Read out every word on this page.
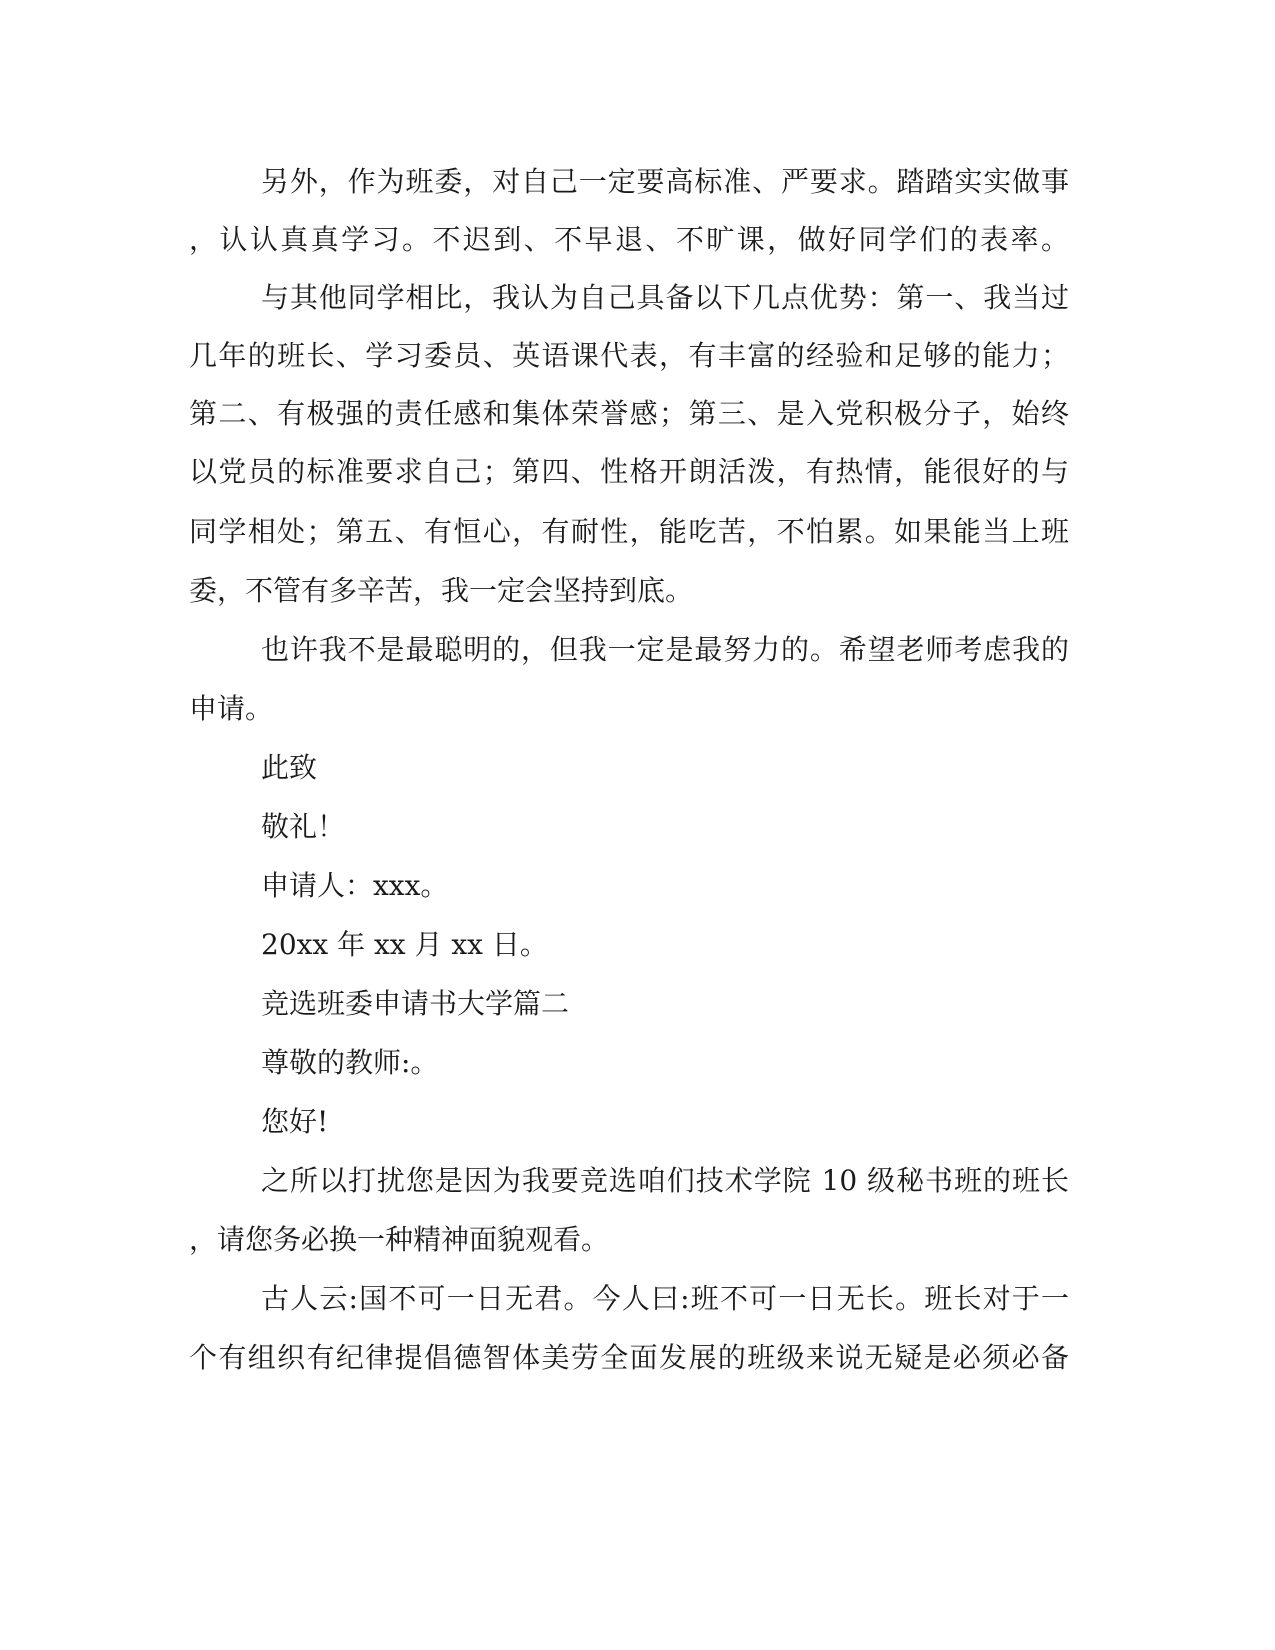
另外，作为班委，对自己一定要高标准、严要求。踏踏实实做事
，认认真真学习。不迟到、不早退、不旷课，做好同学们的表率。
与其他同学相比，我认为自己具备以下几点优势：第一、我当过
几年的班长、学习委员、英语课代表，有丰富的经验和足够的能力；
第二、有极强的责任感和集体荣誉感；第三、是入党积极分子，始终
以党员的标准要求自己；第四、性格开朗活泼，有热情，能很好的与
同学相处；第五、有恒心，有耐性，能吃苦，不怕累。如果能当上班
委，不管有多辛苦，我一定会坚持到底。
也许我不是最聪明的，但我一定是最努力的。希望老师考虑我的
申请。
此致
敬礼！
申请人：xxx。
20xx 年 xx 月 xx 日。
竞选班委申请书大学篇二
尊敬的教师:。
您好!
之所以打扰您是因为我要竞选咱们技术学院 10 级秘书班的班长
，请您务必换一种精神面貌观看。
古人云:国不可一日无君。今人曰:班不可一日无长。班长对于一
个有组织有纪律提倡德智体美劳全面发展的班级来说无疑是必须必备
